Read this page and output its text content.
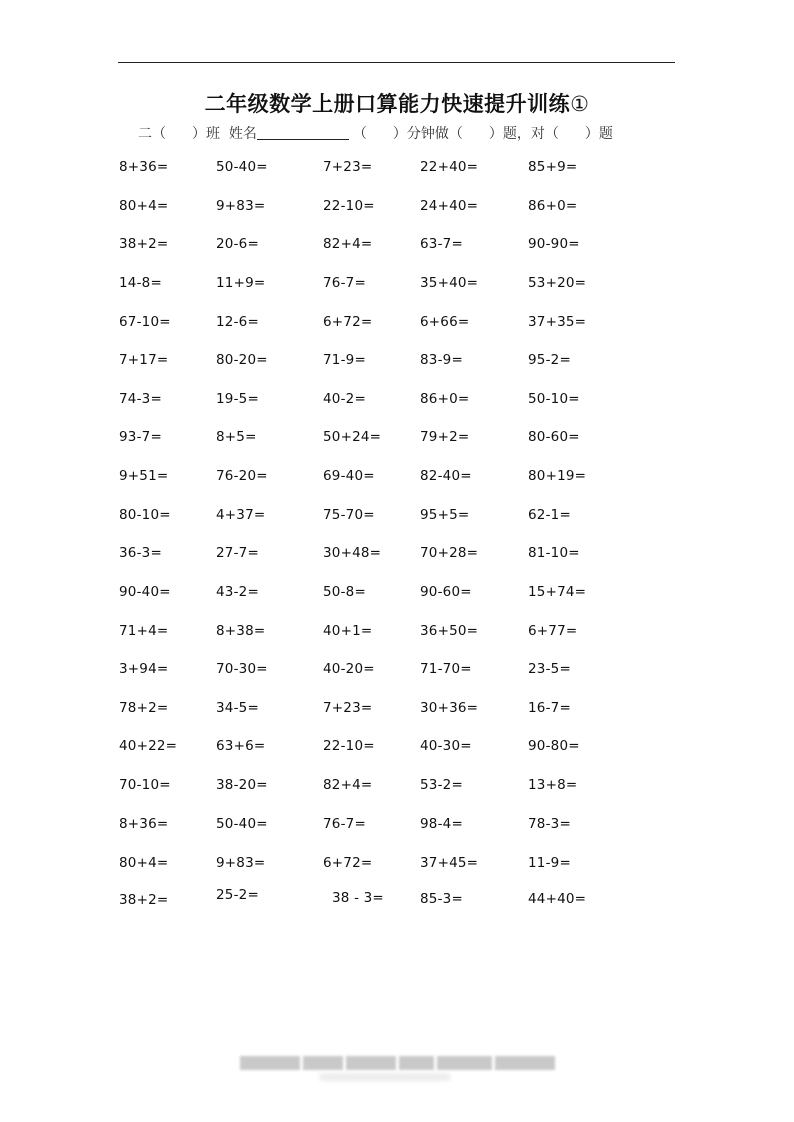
二年级数学上册口算能力快速提升训练①
二（ ）班 姓名	（ ）分钟做（ ）题，对（ ）题
8+36=	50-40=	7+23=	22+40=	85+9=
80+4=	9+83=	22-10=	24+40=	86+0=
38+2=	20-6=	82+4=	63-7=	90-90=
14-8=	11+9=	76-7=	35+40=	53+20=
67-10=	12-6=	6+72=	6+66=	37+35=
7+17=	80-20=	71-9=	83-9=	95-2=
74-3=	19-5=	40-2=	86+0=	50-10=
93-7=	8+5=	50+24=	79+2=	80-60=
9+51=	76-20=	69-40=	82-40=	80+19=
80-10=	4+37=	75-70=	95+5=	62-1=
36-3=	27-7=	30+48=	70+28=	81-10=
90-40=	43-2=	50-8=	90-60=	15+74=
71+4=	8+38=	40+1=	36+50=	6+77=
3+94=	70-30=	40-20=	71-70=	23-5=
78+2=	34-5=	7+23=	30+36=	16-7=
40+22=	63+6=	22-10=	40-30=	90-80=
70-10=	38-20=	82+4=	53-2=	13+8=
8+36=	50-40=	76-7=	98-4=	78-3=
80+4=	9+83=	6+72=	37+45=	11-9=
38+2=	25-2=	38 - 3=	85-3=	44+40=
